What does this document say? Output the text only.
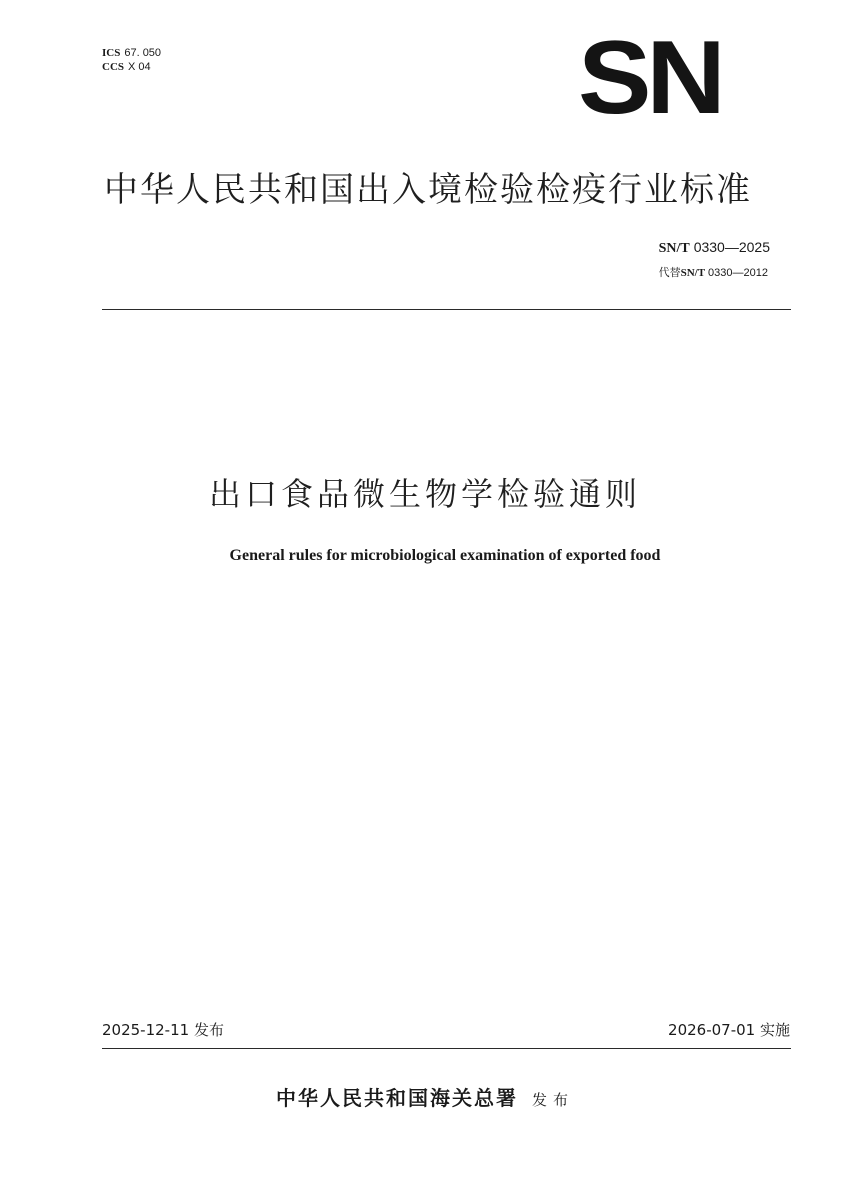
ICS 67. 050
CCS X 04	SN
中华人民共和国出入境检验检疫行业标准
SN/T 0330—2025
代替SN/T 0330—2012
出口食品微生物学检验通则
General rules for microbiological examination of exported food
2025-12-11 发布	2026-07-01 实施
中华人民共和国海关总署 发布
